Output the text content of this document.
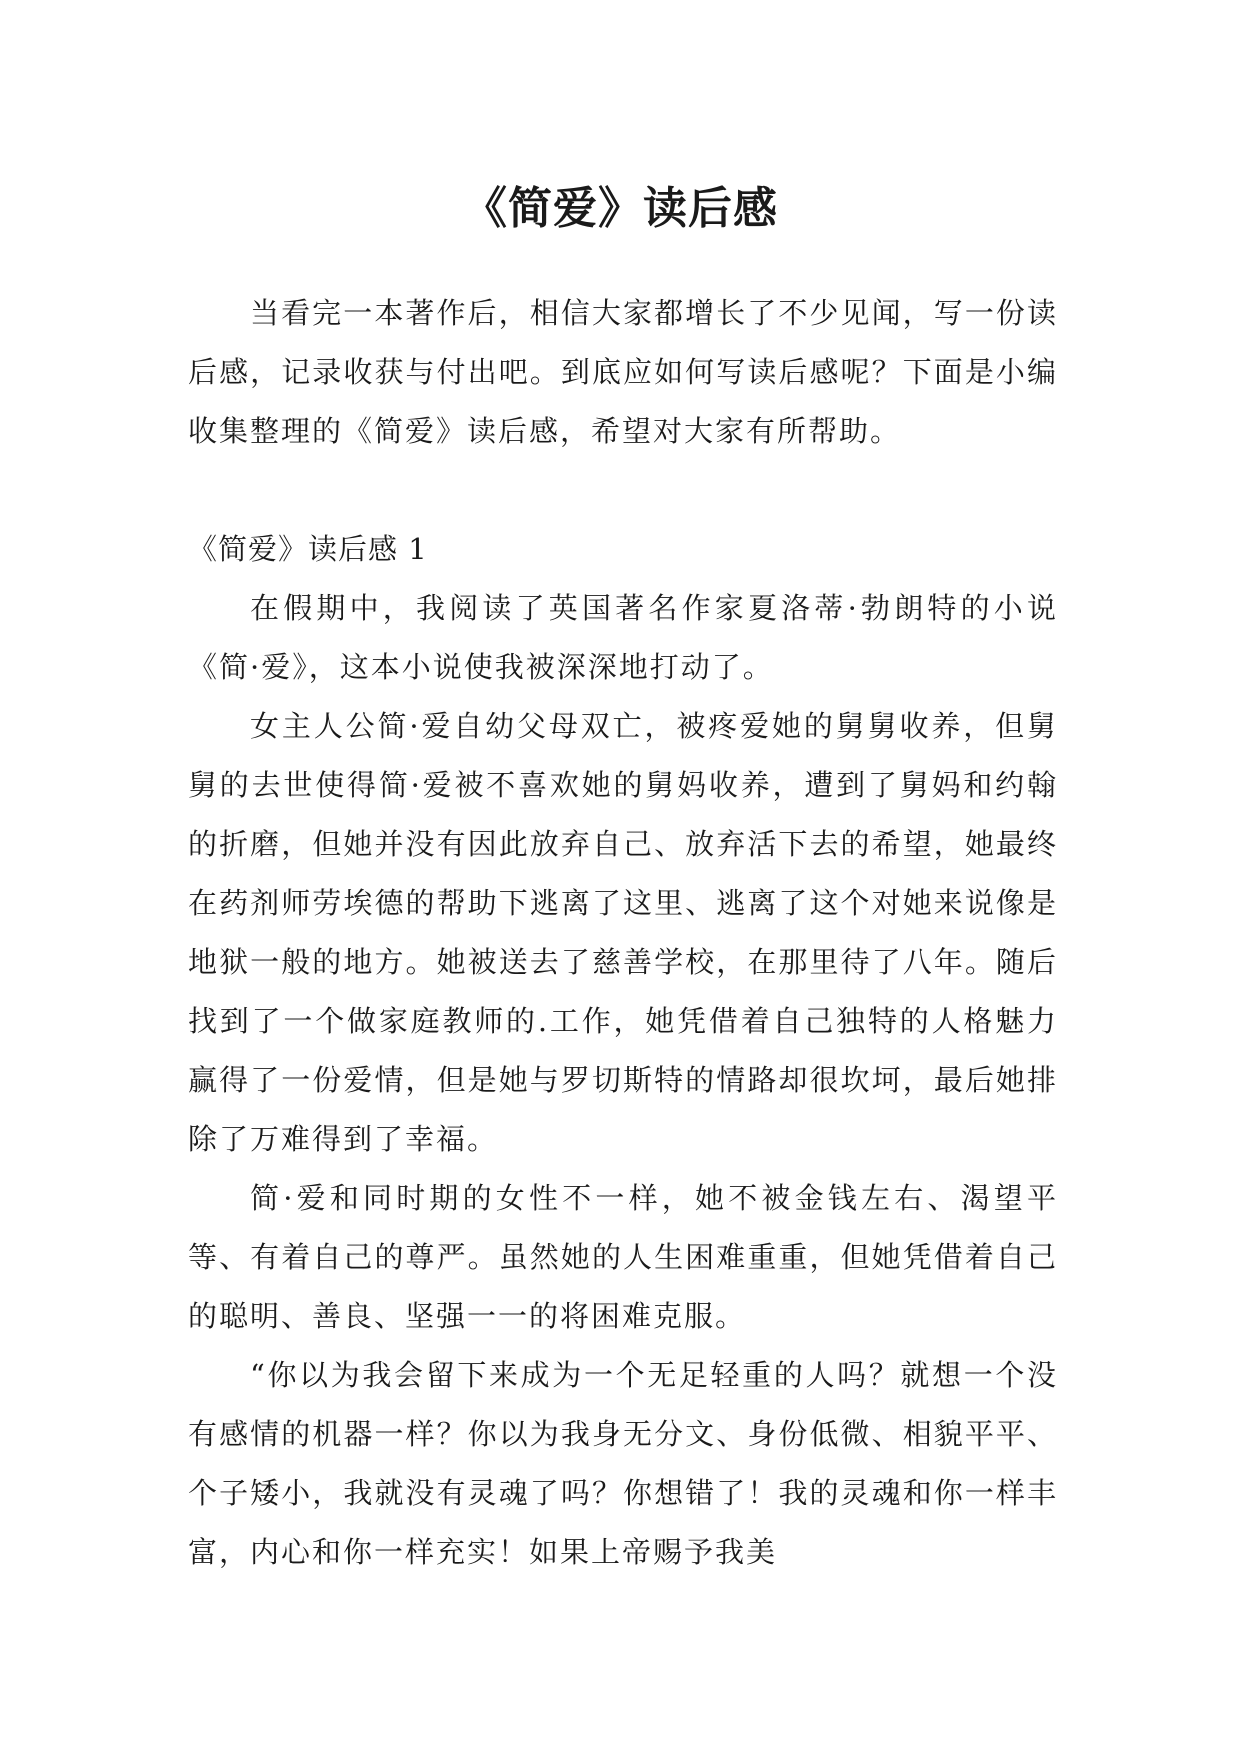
《简爱》读后感

当看完一本著作后，相信大家都增长了不少见闻，写一份读后感，记录收获与付出吧。到底应如何写读后感呢？下面是小编收集整理的《简爱》读后感，希望对大家有所帮助。

《简爱》读后感 1

在假期中，我阅读了英国著名作家夏洛蒂·勃朗特的小说《简·爱》，这本小说使我被深深地打动了。

女主人公简·爱自幼父母双亡，被疼爱她的舅舅收养，但舅舅的去世使得简·爱被不喜欢她的舅妈收养，遭到了舅妈和约翰的折磨，但她并没有因此放弃自己、放弃活下去的希望，她最终在药剂师劳埃德的帮助下逃离了这里、逃离了这个对她来说像是地狱一般的地方。她被送去了慈善学校，在那里待了八年。随后找到了一个做家庭教师的.工作，她凭借着自己独特的人格魅力赢得了一份爱情，但是她与罗切斯特的情路却很坎坷，最后她排除了万难得到了幸福。

简·爱和同时期的女性不一样，她不被金钱左右、渴望平等、有着自己的尊严。虽然她的人生困难重重，但她凭借着自己的聪明、善良、坚强一一的将困难克服。

“你以为我会留下来成为一个无足轻重的人吗？就想一个没有感情的机器一样？你以为我身无分文、身份低微、相貌平平、个子矮小，我就没有灵魂了吗？你想错了！我的灵魂和你一样丰富，内心和你一样充实！如果上帝赐予我美
